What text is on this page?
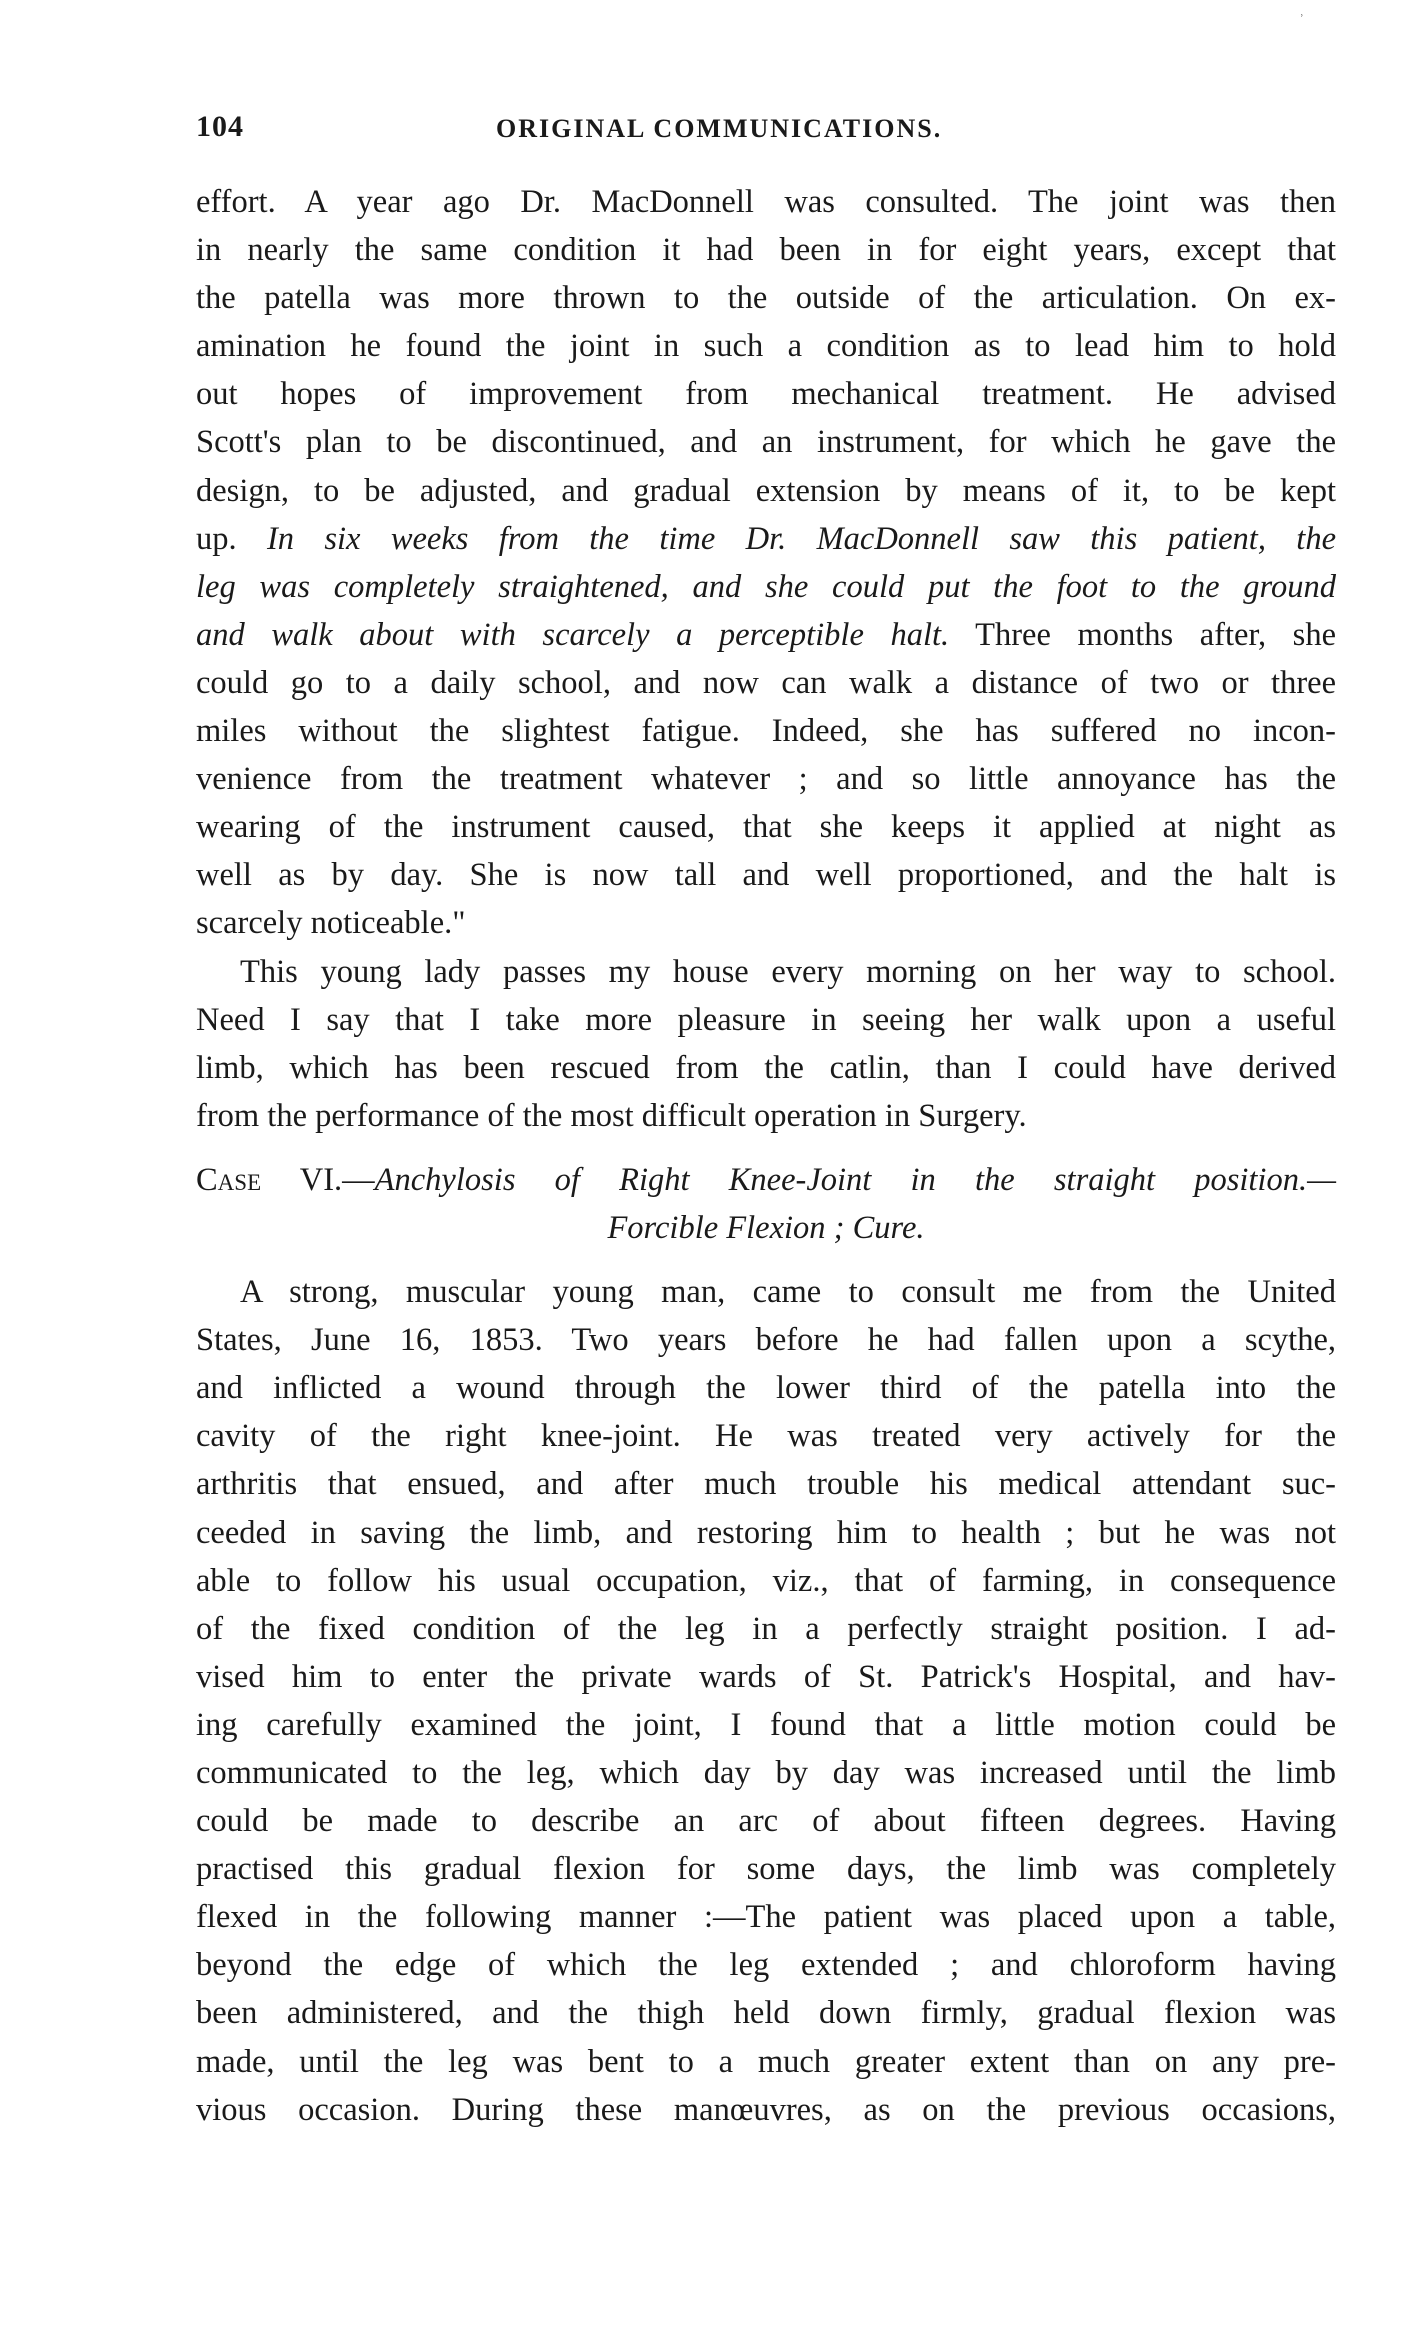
˒
104	ORIGINAL COMMUNICATIONS.

effort. A year ago Dr. MacDonnell was consulted. The joint was then
in nearly the same condition it had been in for eight years, except that
the patella was more thrown to the outside of the articulation. On ex-
amination he found the joint in such a condition as to lead him to hold
out hopes of improvement from mechanical treatment. He advised
Scott's plan to be discontinued, and an instrument, for which he gave the
design, to be adjusted, and gradual extension by means of it, to be kept
up. In six weeks from the time Dr. MacDonnell saw this patient, the
leg was completely straightened, and she could put the foot to the ground
and walk about with scarcely a perceptible halt. Three months after, she
could go to a daily school, and now can walk a distance of two or three
miles without the slightest fatigue. Indeed, she has suffered no incon-
venience from the treatment whatever ; and so little annoyance has the
wearing of the instrument caused, that she keeps it applied at night as
well as by day. She is now tall and well proportioned, and the halt is
scarcely noticeable."

This young lady passes my house every morning on her way to school.
Need I say that I take more pleasure in seeing her walk upon a useful
limb, which has been rescued from the catlin, than I could have derived
from the performance of the most difficult operation in Surgery.

Case VI.—Anchylosis of Right Knee-Joint in the straight position.—
Forcible Flexion ; Cure.

A strong, muscular young man, came to consult me from the United
States, June 16, 1853. Two years before he had fallen upon a scythe,
and inflicted a wound through the lower third of the patella into the
cavity of the right knee-joint. He was treated very actively for the
arthritis that ensued, and after much trouble his medical attendant suc-
ceeded in saving the limb, and restoring him to health ; but he was not
able to follow his usual occupation, viz., that of farming, in consequence
of the fixed condition of the leg in a perfectly straight position. I ad-
vised him to enter the private wards of St. Patrick's Hospital, and hav-
ing carefully examined the joint, I found that a little motion could be
communicated to the leg, which day by day was increased until the limb
could be made to describe an arc of about fifteen degrees. Having
practised this gradual flexion for some days, the limb was completely
flexed in the following manner :—The patient was placed upon a table,
beyond the edge of which the leg extended ; and chloroform having
been administered, and the thigh held down firmly, gradual flexion was
made, until the leg was bent to a much greater extent than on any pre-
vious occasion. During these manœuvres, as on the previous occasions,
